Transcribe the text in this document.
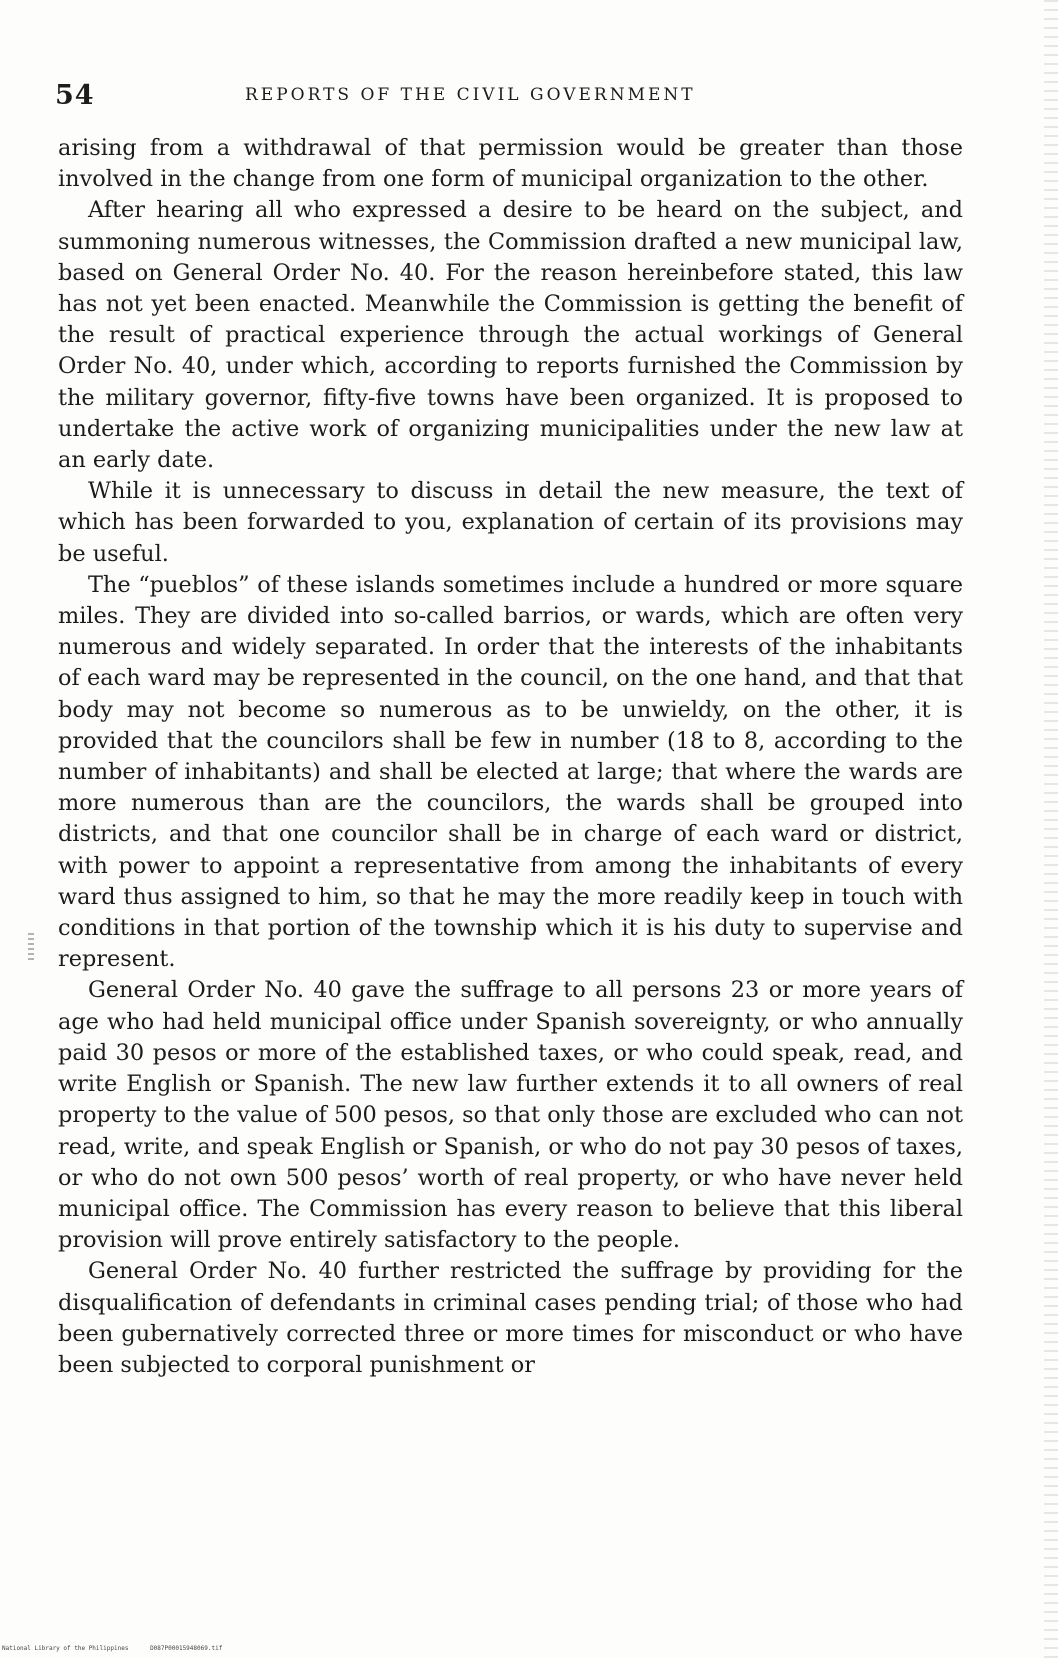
54	REPORTS OF THE CIVIL GOVERNMENT

arising from a withdrawal of that permission would be greater than those involved in the change from one form of municipal organization to the other.

After hearing all who expressed a desire to be heard on the subject, and summoning numerous witnesses, the Commission drafted a new municipal law, based on General Order No. 40. For the reason hereinbefore stated, this law has not yet been enacted. Meanwhile the Commission is getting the benefit of the result of practical experience through the actual workings of General Order No. 40, under which, according to reports furnished the Commission by the military governor, fifty-five towns have been organized. It is proposed to undertake the active work of organizing municipalities under the new law at an early date.

While it is unnecessary to discuss in detail the new measure, the text of which has been forwarded to you, explanation of certain of its provisions may be useful.

The “pueblos” of these islands sometimes include a hundred or more square miles. They are divided into so-called barrios, or wards, which are often very numerous and widely separated. In order that the interests of the inhabitants of each ward may be represented in the council, on the one hand, and that that body may not become so numerous as to be unwieldy, on the other, it is provided that the councilors shall be few in number (18 to 8, according to the number of inhabitants) and shall be elected at large; that where the wards are more numerous than are the councilors, the wards shall be grouped into districts, and that one councilor shall be in charge of each ward or district, with power to appoint a representative from among the inhabitants of every ward thus assigned to him, so that he may the more readily keep in touch with conditions in that portion of the township which it is his duty to supervise and represent.

General Order No. 40 gave the suffrage to all persons 23 or more years of age who had held municipal office under Spanish sovereignty, or who annually paid 30 pesos or more of the established taxes, or who could speak, read, and write English or Spanish. The new law further extends it to all owners of real property to the value of 500 pesos, so that only those are excluded who can not read, write, and speak English or Spanish, or who do not pay 30 pesos of taxes, or who do not own 500 pesos’ worth of real property, or who have never held municipal office. The Commission has every reason to believe that this liberal provision will prove entirely satisfactory to the people.

General Order No. 40 further restricted the suffrage by providing for the disqualification of defendants in criminal cases pending trial; of those who had been gubernatively corrected three or more times for misconduct or who have been subjected to corporal punishment or

National Library of the Philippines	D087P00015948069.tif
